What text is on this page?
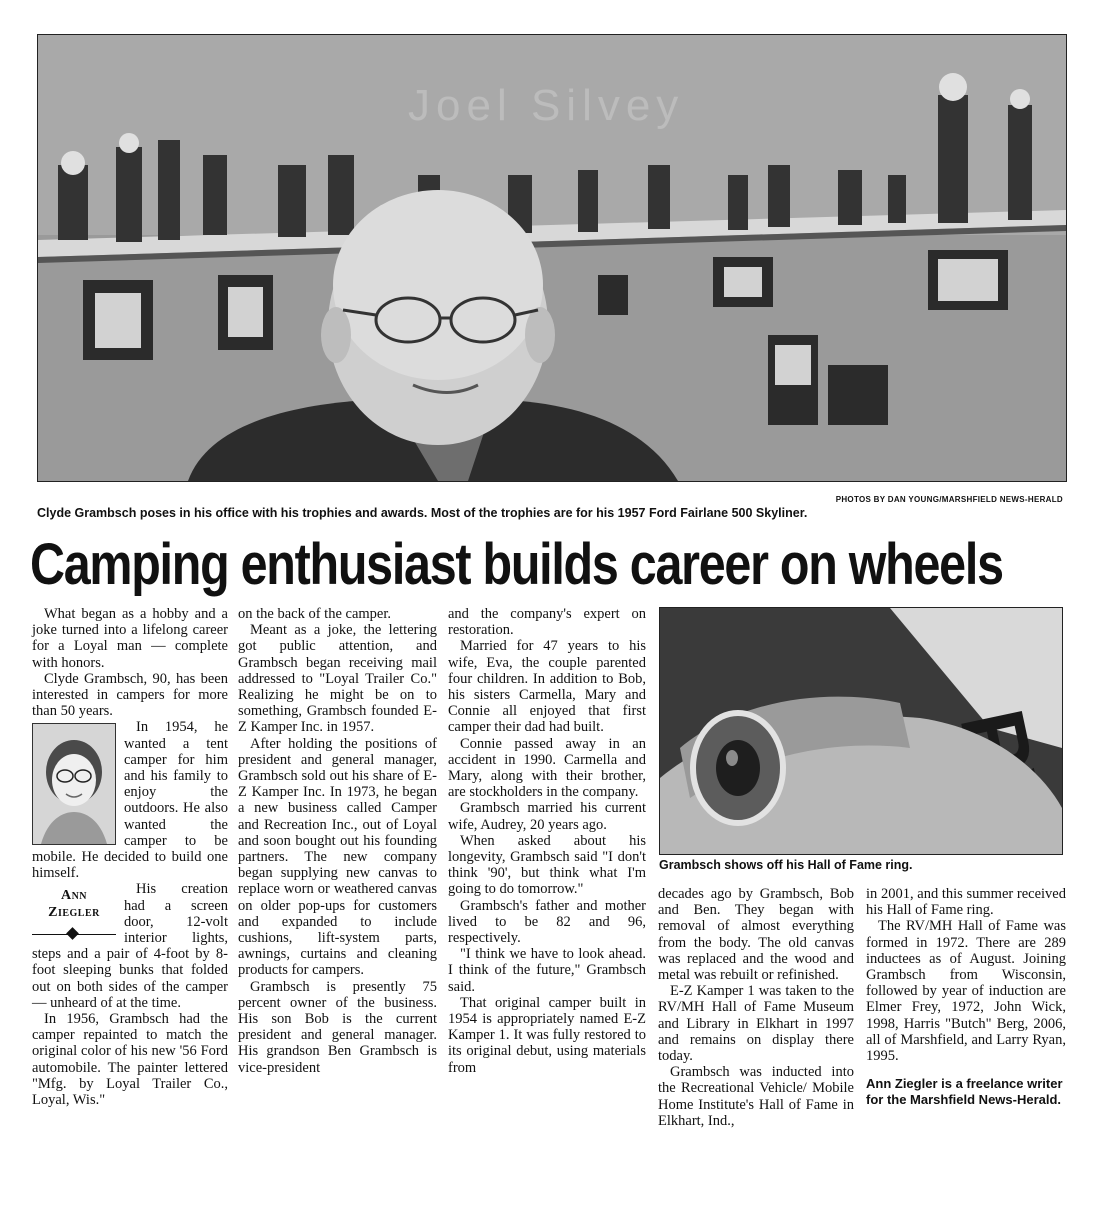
Joel Silvey
PHOTOS BY DAN YOUNG/MARSHFIELD NEWS-HERALD
Clyde Grambsch poses in his office with his trophies and awards. Most of the trophies are for his 1957 Ford Fairlane 500 Skyliner.
Camping enthusiast builds career on wheels

What began as a hobby and a joke turned into a lifelong career for a Loyal man — complete with honors.

Clyde Grambsch, 90, has been interested in campers for more than 50 years.

In 1954, he wanted a tent camper for him and his family to enjoy the outdoors. He also wanted the camper to be mobile. He decided to build one himself.

Ann
Ziegler

His creation had a screen door, 12-volt interior lights, steps and a pair of 4-foot by 8-foot sleeping bunks that folded out on both sides of the camper — unheard of at the time.

In 1956, Grambsch had the camper repainted to match the original color of his new '56 Ford automobile. The painter lettered "Mfg. by Loyal Trailer Co., Loyal, Wis."

on the back of the camper.

Meant as a joke, the lettering got public attention, and Grambsch began receiving mail addressed to "Loyal Trailer Co." Realizing he might be on to something, Grambsch founded E-Z Kamper Inc. in 1957.

After holding the positions of president and general manager, Grambsch sold out his share of E-Z Kamper Inc. In 1973, he began a new business called Camper and Recreation Inc., out of Loyal and soon bought out his founding partners. The new company began supplying new canvas to replace worn or weathered canvas on older pop-ups for customers and expanded to include cushions, lift-system parts, awnings, curtains and cleaning products for campers.

Grambsch is presently 75 percent owner of the business. His son Bob is the current president and general manager. His grandson Ben Grambsch is vice-president

and the company's expert on restoration.

Married for 47 years to his wife, Eva, the couple parented four children. In addition to Bob, his sisters Carmella, Mary and Connie all enjoyed that first camper their dad had built.

Connie passed away in an accident in 1990. Carmella and Mary, along with their brother, are stockholders in the company.

Grambsch married his current wife, Audrey, 20 years ago.

When asked about his longevity, Grambsch said "I don't think '90', but think what I'm going to do tomorrow."

Grambsch's father and mother lived to be 82 and 96, respectively.

"I think we have to look ahead. I think of the future," Grambsch said.

That original camper built in 1954 is appropriately named E-Z Kamper 1. It was fully restored to its original debut, using materials from

Grambsch shows off his Hall of Fame ring.

decades ago by Grambsch, Bob and Ben. They began with removal of almost everything from the body. The old canvas was replaced and the wood and metal was rebuilt or refinished.

E-Z Kamper 1 was taken to the RV/MH Hall of Fame Museum and Library in Elkhart in 1997 and remains on display there today.

Grambsch was inducted into the Recreational Vehicle/ Mobile Home Institute's Hall of Fame in Elkhart, Ind.,

in 2001, and this summer received his Hall of Fame ring.

The RV/MH Hall of Fame was formed in 1972. There are 289 inductees as of August. Joining Grambsch from Wisconsin, followed by year of induction are Elmer Frey, 1972, John Wick, 1998, Harris "Butch" Berg, 2006, all of Marshfield, and Larry Ryan, 1995.

Ann Ziegler is a freelance writer for the Marshfield News-Herald.
